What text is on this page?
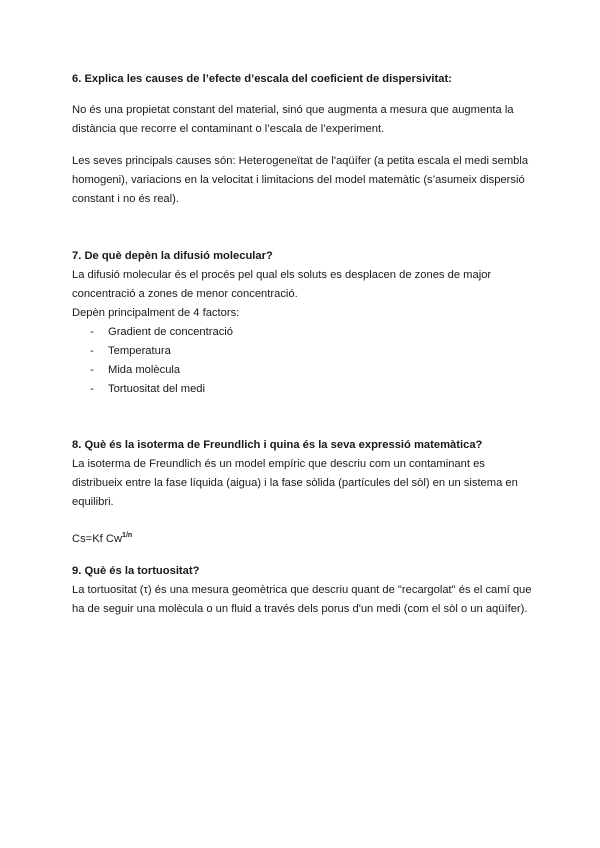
6. Explica les causes de l’efecte d’escala del coeficient de dispersivitat:

No és una propietat constant del material, sinó que augmenta a mesura que augmenta la distància que recorre el contaminant o l’escala de l’experiment.

Les seves principals causes són: Heterogeneïtat de l'aqüífer (a petita escala el medi sembla homogeni), variacions en la velocitat i limitacions del model matemàtic (s’asumeix dispersió constant i no és real).

7. De què depèn la difusió molecular?

La difusió molecular és el procés pel qual els soluts es desplacen de zones de major concentració a zones de menor concentració.

Depèn principalment de 4 factors:

- Gradient de concentració
- Temperatura
- Mida molècula
- Tortuositat del medi

8. Què és la isoterma de Freundlich i quina és la seva expressió matemàtica?

La isoterma de Freundlich és un model empíric que descriu com un contaminant es distribueix entre la fase líquida (aigua) i la fase sòlida (partícules del sòl) en un sistema en equilibri.

Cs=Kf $Cw^{1/n}$

9. Què és la tortuositat?

La tortuositat (τ) és una mesura geomètrica que descriu quant de "recargolat" és el camí que ha de seguir una molècula o un fluid a través dels porus d'un medi (com el sòl o un aqüífer).
